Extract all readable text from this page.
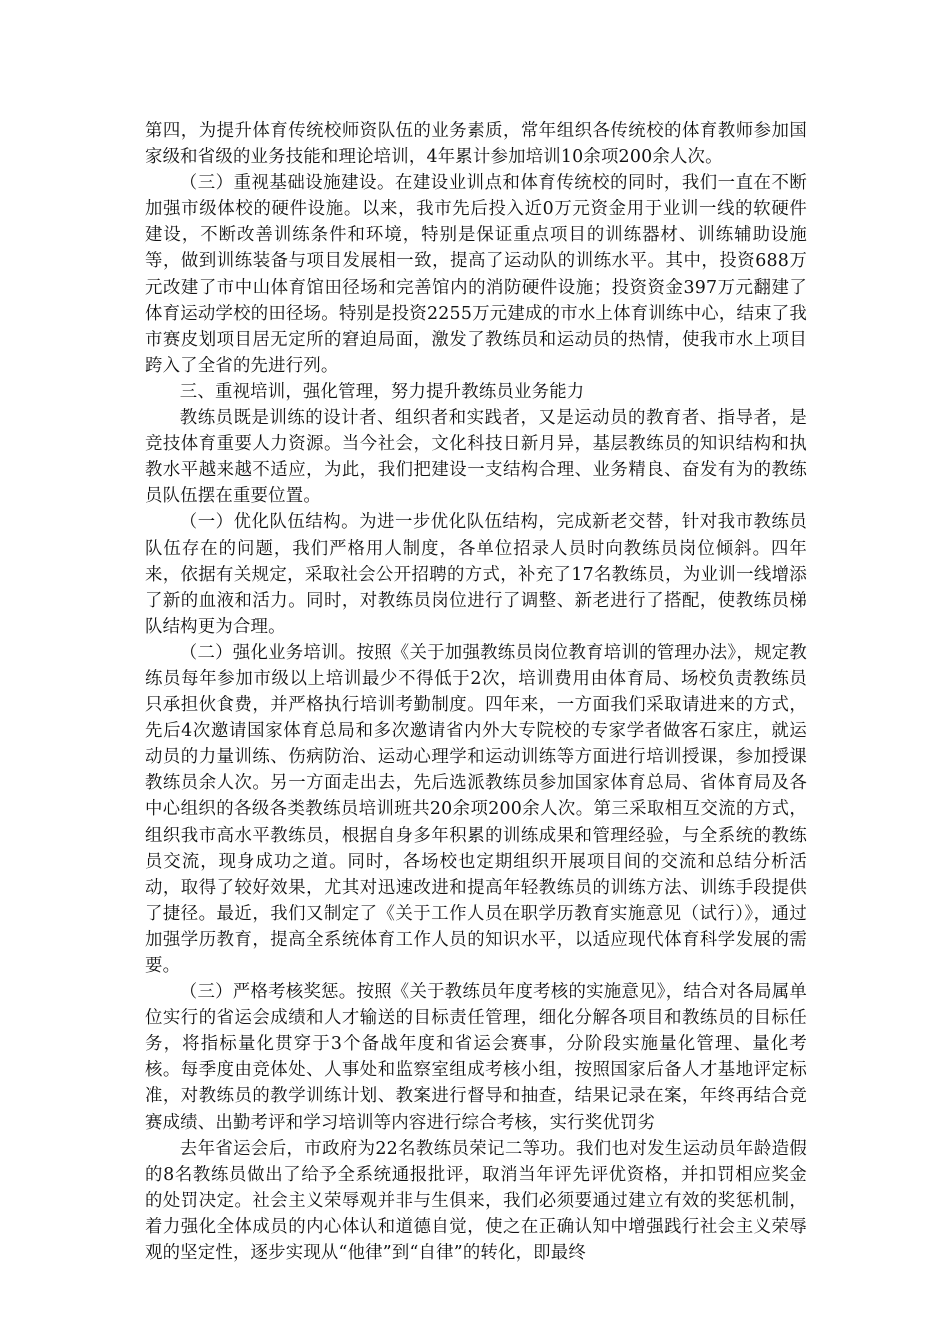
第四，为提升体育传统校师资队伍的业务素质，常年组织各传统校的体育教师参加国家级和省级的业务技能和理论培训，4年累计参加培训10余项200余人次。

（三）重视基础设施建设。在建设业训点和体育传统校的同时，我们一直在不断加强市级体校的硬件设施。以来，我市先后投入近0万元资金用于业训一线的软硬件建设，不断改善训练条件和环境，特别是保证重点项目的训练器材、训练辅助设施等，做到训练装备与项目发展相一致，提高了运动队的训练水平。其中，投资688万元改建了市中山体育馆田径场和完善馆内的消防硬件设施；投资资金397万元翻建了体育运动学校的田径场。特别是投资2255万元建成的市水上体育训练中心，结束了我市赛皮划项目居无定所的窘迫局面，激发了教练员和运动员的热情，使我市水上项目跨入了全省的先进行列。

三、重视培训，强化管理，努力提升教练员业务能力

教练员既是训练的设计者、组织者和实践者，又是运动员的教育者、指导者，是竞技体育重要人力资源。当今社会，文化科技日新月异，基层教练员的知识结构和执教水平越来越不适应，为此，我们把建设一支结构合理、业务精良、奋发有为的教练员队伍摆在重要位置。

（一）优化队伍结构。为进一步优化队伍结构，完成新老交替，针对我市教练员队伍存在的问题，我们严格用人制度，各单位招录人员时向教练员岗位倾斜。四年来，依据有关规定，采取社会公开招聘的方式，补充了17名教练员，为业训一线增添了新的血液和活力。同时，对教练员岗位进行了调整、新老进行了搭配，使教练员梯队结构更为合理。

（二）强化业务培训。按照《关于加强教练员岗位教育培训的管理办法》，规定教练员每年参加市级以上培训最少不得低于2次，培训费用由体育局、场校负责教练员只承担伙食费，并严格执行培训考勤制度。四年来，一方面我们采取请进来的方式，先后4次邀请国家体育总局和多次邀请省内外大专院校的专家学者做客石家庄，就运动员的力量训练、伤病防治、运动心理学和运动训练等方面进行培训授课，参加授课教练员余人次。另一方面走出去，先后选派教练员参加国家体育总局、省体育局及各中心组织的各级各类教练员培训班共20余项200余人次。第三采取相互交流的方式，组织我市高水平教练员，根据自身多年积累的训练成果和管理经验，与全系统的教练员交流，现身成功之道。同时，各场校也定期组织开展项目间的交流和总结分析活动，取得了较好效果，尤其对迅速改进和提高年轻教练员的训练方法、训练手段提供了捷径。最近，我们又制定了《关于工作人员在职学历教育实施意见（试行）》，通过加强学历教育，提高全系统体育工作人员的知识水平，以适应现代体育科学发展的需要。

（三）严格考核奖惩。按照《关于教练员年度考核的实施意见》，结合对各局属单位实行的省运会成绩和人才输送的目标责任管理，细化分解各项目和教练员的目标任务，将指标量化贯穿于3个备战年度和省运会赛事，分阶段实施量化管理、量化考核。每季度由竞体处、人事处和监察室组成考核小组，按照国家后备人才基地评定标准，对教练员的教学训练计划、教案进行督导和抽查，结果记录在案，年终再结合竞赛成绩、出勤考评和学习培训等内容进行综合考核，实行奖优罚劣

去年省运会后，市政府为22名教练员荣记二等功。我们也对发生运动员年龄造假的8名教练员做出了给予全系统通报批评，取消当年评先评优资格，并扣罚相应奖金的处罚决定。社会主义荣辱观并非与生俱来，我们必须要通过建立有效的奖惩机制，着力强化全体成员的内心体认和道德自觉，使之在正确认知中增强践行社会主义荣辱观的坚定性，逐步实现从“他律”到“自律”的转化，即最终
